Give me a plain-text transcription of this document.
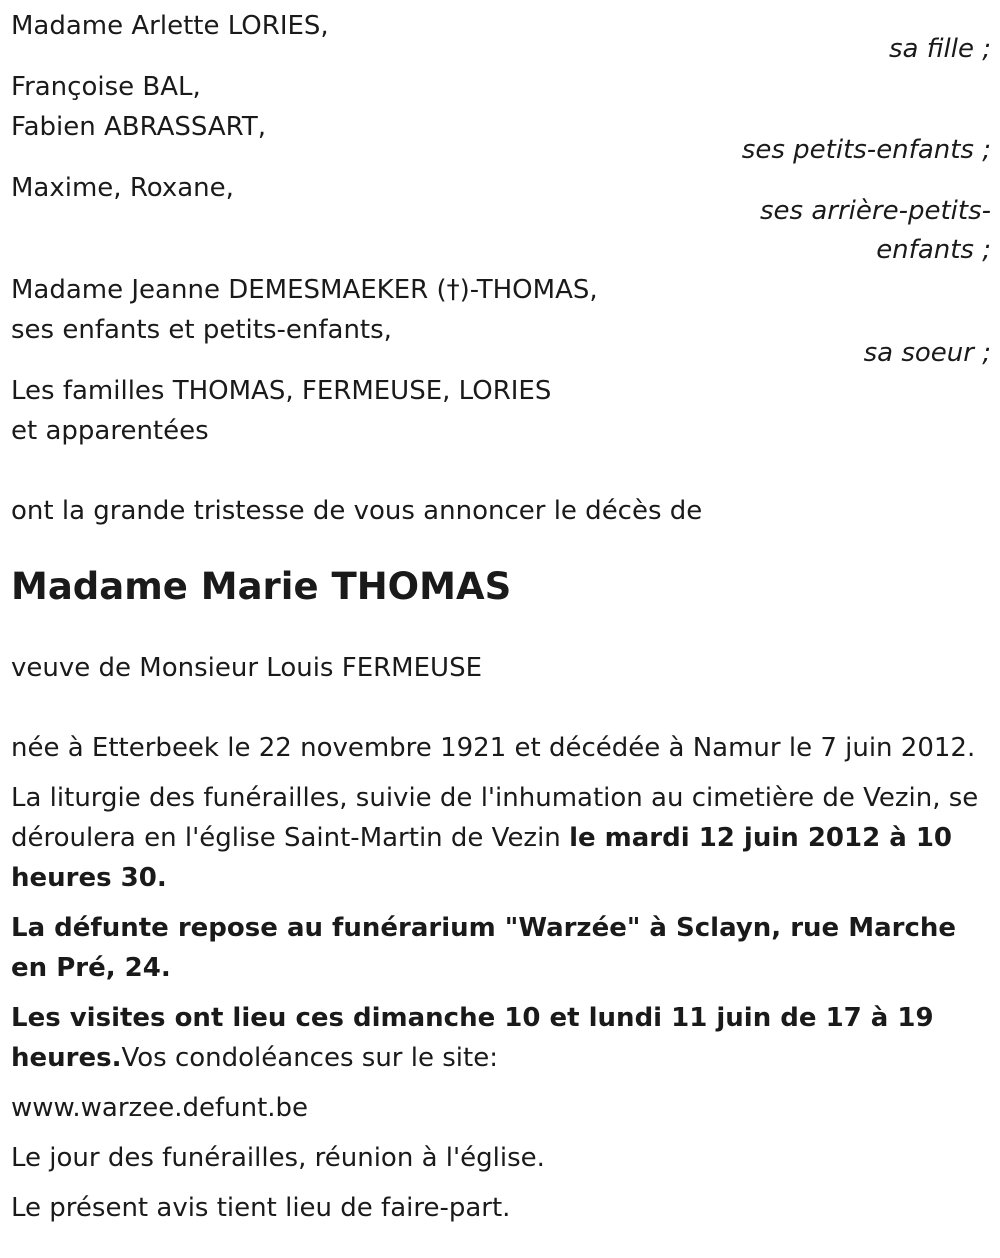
Madame Arlette LORIES,
sa fille ;
Françoise BAL,
Fabien ABRASSART,
ses petits-enfants ;
Maxime, Roxane,
ses arrière-petits-
enfants ;
Madame Jeanne DEMESMAEKER (†)-THOMAS,
ses enfants et petits-enfants,
sa soeur ;
Les familles THOMAS, FERMEUSE, LORIES
et apparentées
ont la grande tristesse de vous annoncer le décès de
Madame Marie THOMAS
veuve de Monsieur Louis FERMEUSE
née à Etterbeek le 22 novembre 1921 et décédée à Namur le 7 juin 2012.

La liturgie des funérailles, suivie de l'inhumation au cimetière de Vezin, se déroulera en l'église Saint-Martin de Vezin le mardi 12 juin 2012 à 10 heures 30.

La défunte repose au funérarium "Warzée" à Sclayn, rue Marche en Pré, 24.

Les visites ont lieu ces dimanche 10 et lundi 11 juin de 17 à 19 heures.Vos condoléances sur le site:

www.warzee.defunt.be

Le jour des funérailles, réunion à l'église.

Le présent avis tient lieu de faire-part.
